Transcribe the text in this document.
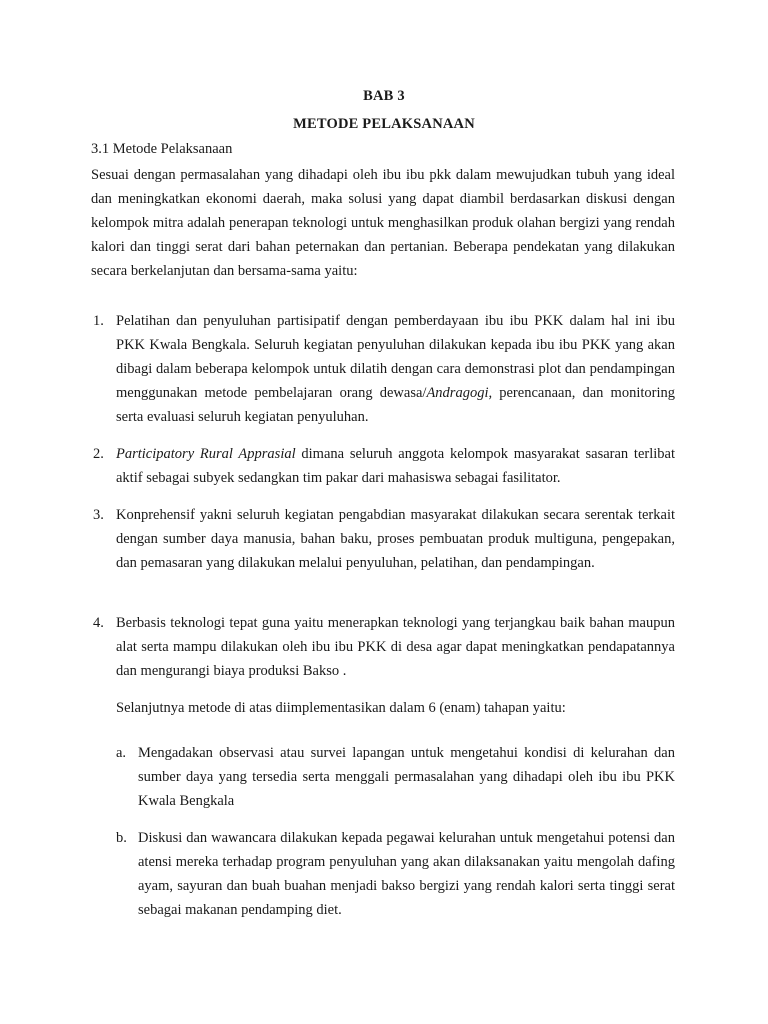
BAB 3
METODE PELAKSANAAN
3.1 Metode Pelaksanaan
Sesuai dengan permasalahan yang dihadapi oleh ibu ibu pkk dalam mewujudkan tubuh yang ideal dan meningkatkan ekonomi daerah, maka solusi yang dapat diambil berdasarkan diskusi dengan kelompok mitra adalah penerapan teknologi untuk menghasilkan produk olahan bergizi yang rendah kalori dan tinggi serat dari bahan peternakan dan pertanian. Beberapa pendekatan yang dilakukan secara berkelanjutan dan bersama-sama yaitu:
1. Pelatihan dan penyuluhan partisipatif dengan pemberdayaan ibu ibu PKK dalam hal ini ibu PKK Kwala Bengkala. Seluruh kegiatan penyuluhan dilakukan kepada ibu ibu PKK yang akan dibagi dalam beberapa kelompok untuk dilatih dengan cara demonstrasi plot dan pendampingan menggunakan metode pembelajaran orang dewasa/Andragogi, perencanaan, dan monitoring serta evaluasi seluruh kegiatan penyuluhan.
2. Participatory Rural Apprasial dimana seluruh anggota kelompok masyarakat sasaran terlibat aktif sebagai subyek sedangkan tim pakar dari mahasiswa sebagai fasilitator.
3. Konprehensif yakni seluruh kegiatan pengabdian masyarakat dilakukan secara serentak terkait dengan sumber daya manusia, bahan baku, proses pembuatan produk multiguna, pengepakan, dan pemasaran yang dilakukan melalui penyuluhan, pelatihan, dan pendampingan.
4. Berbasis teknologi tepat guna yaitu menerapkan teknologi yang terjangkau baik bahan maupun alat serta mampu dilakukan oleh ibu ibu PKK di desa agar dapat meningkatkan pendapatannya dan mengurangi biaya produksi Bakso .
Selanjutnya metode di atas diimplementasikan dalam 6 (enam) tahapan yaitu:
a. Mengadakan observasi atau survei lapangan untuk mengetahui kondisi di kelurahan dan sumber daya yang tersedia serta menggali permasalahan yang dihadapi oleh ibu ibu PKK Kwala Bengkala
b. Diskusi dan wawancara dilakukan kepada pegawai kelurahan untuk mengetahui potensi dan atensi mereka terhadap program penyuluhan yang akan dilaksanakan yaitu mengolah dafing ayam, sayuran dan buah buahan menjadi bakso bergizi yang rendah kalori serta tinggi serat sebagai makanan pendamping diet.
